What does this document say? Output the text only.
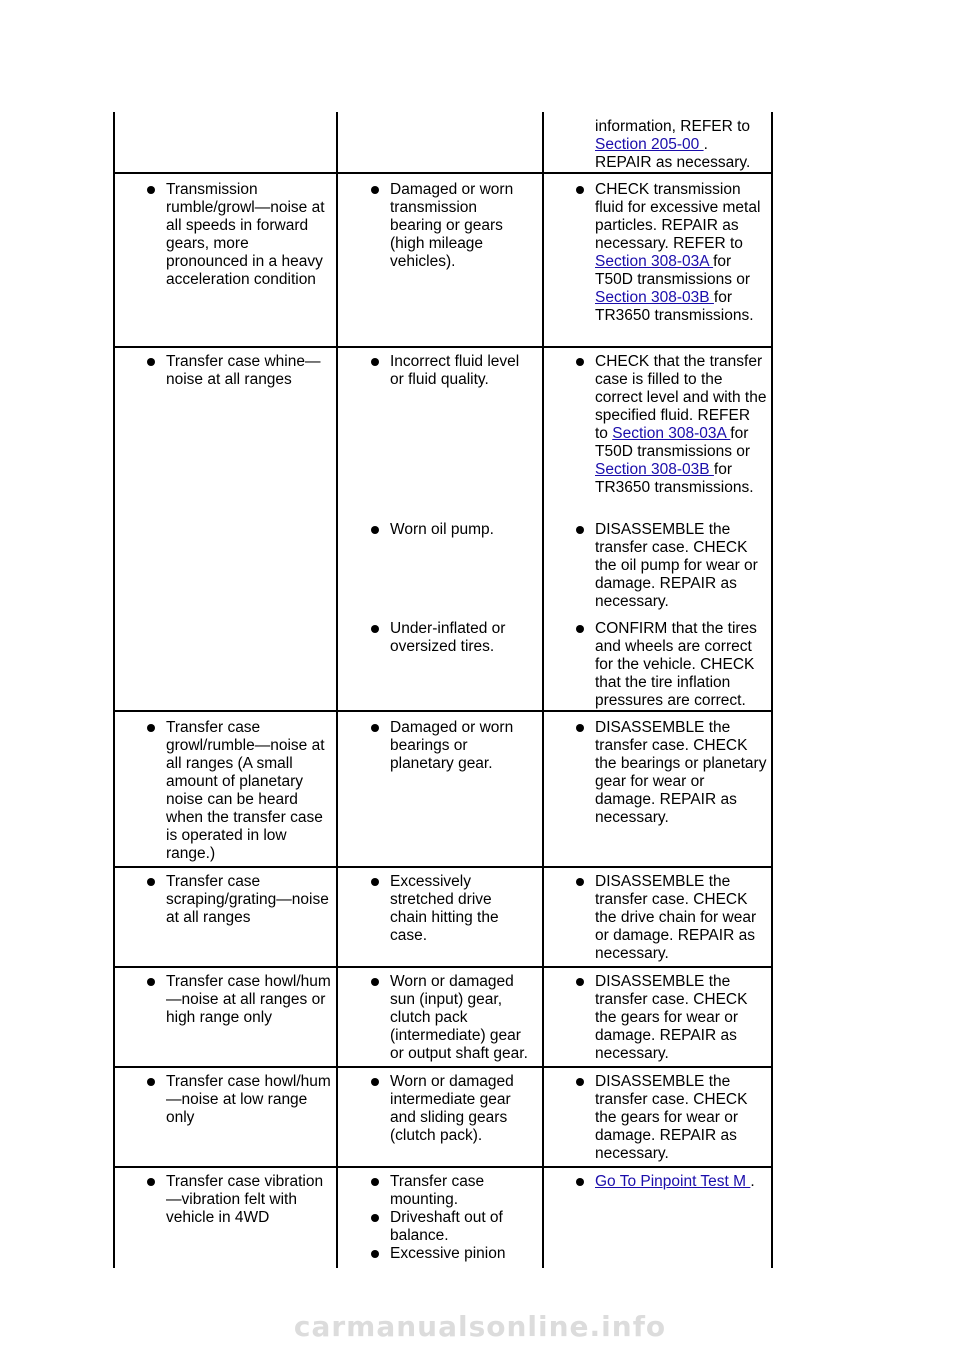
information, REFER to
Section 205-00 .
REPAIR as necessary.
Transmission rumble/growl—noise at all speeds in forward gears, more pronounced in a heavy acceleration condition
Damaged or worn transmission bearing or gears (high mileage vehicles).
CHECK transmission fluid for excessive metal particles. REPAIR as necessary. REFER to Section 308-03A for T50D transmissions or Section 308-03B for TR3650 transmissions.
Transfer case whine—noise at all ranges
Incorrect fluid level or fluid quality.
CHECK that the transfer case is filled to the correct level and with the specified fluid. REFER to Section 308-03A for T50D transmissions or Section 308-03B for TR3650 transmissions.
Worn oil pump.	DISASSEMBLE the transfer case. CHECK the oil pump for wear or damage. REPAIR as necessary.
Under-inflated or oversized tires.
CONFIRM that the tires and wheels are correct for the vehicle. CHECK that the tire inflation pressures are correct.
Transfer case growl/rumble—noise at all ranges (A small amount of planetary noise can be heard when the transfer case is operated in low range.)
Damaged or worn bearings or planetary gear.
DISASSEMBLE the transfer case. CHECK the bearings or planetary gear for wear or damage. REPAIR as necessary.
Transfer case scraping/grating—noise at all ranges
Excessively stretched drive chain hitting the case.
DISASSEMBLE the transfer case. CHECK the drive chain for wear or damage. REPAIR as necessary.
Transfer case howl/hum—noise at all ranges or high range only
Worn or damaged sun (input) gear, clutch pack (intermediate) gear or output shaft gear.
DISASSEMBLE the transfer case. CHECK the gears for wear or damage. REPAIR as necessary.
Transfer case howl/hum—noise at low range only
Worn or damaged intermediate gear and sliding gears (clutch pack).
DISASSEMBLE the transfer case. CHECK the gears for wear or damage. REPAIR as necessary.
Transfer case vibration—vibration felt with vehicle in 4WD
Transfer case mounting.
Driveshaft out of balance.
Excessive pinion
Go To Pinpoint Test M .
carmanualsonline.info
